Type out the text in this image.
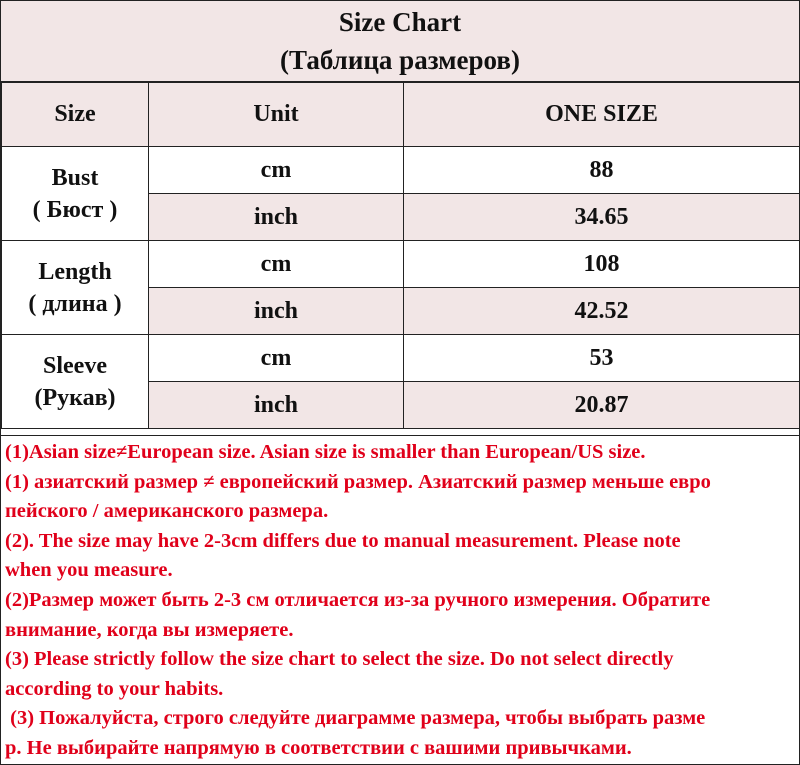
Size Chart
(Таблица размеров)
Size	Unit	ONE SIZE

Bust
( Бюст )	cm	88
	inch	34.65

Length
( длина )	cm	108
	inch	42.52

Sleeve
(Рукав)	cm	53
	inch	20.87
(1)Asian size≠European size. Asian size is smaller than European/US size.
(1) азиатский размер ≠ европейский размер. Азиатский размер меньше евро
пейского / американского размера.
(2). The size may have 2-3cm differs due to manual measurement. Please note
when you measure.
(2)Размер может быть 2-3 см отличается из-за ручного измерения. Обратите
внимание, когда вы измеряете.
(3) Please strictly follow the size chart to select the size. Do not select directly
according to your habits.
(3) Пожалуйста, строго следуйте диаграмме размера, чтобы выбрать разме
р. Не выбирайте напрямую в соответствии с вашими привычками.
